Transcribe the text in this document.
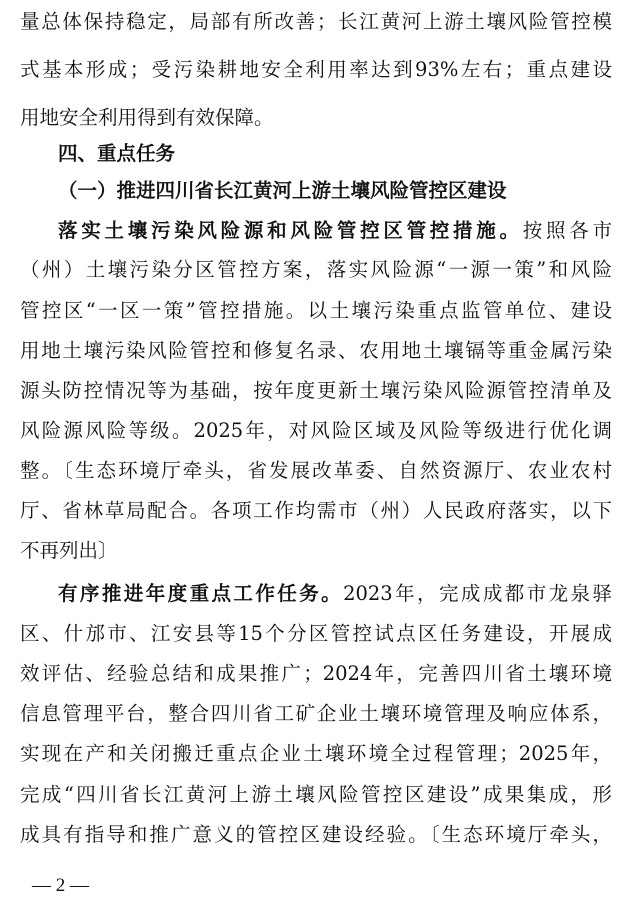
量总体保持稳定，局部有所改善；长江黄河上游土壤风险管控模
式基本形成；受污染耕地安全利用率达到93%左右；重点建设
用地安全利用得到有效保障。
四、重点任务
（一）推进四川省长江黄河上游土壤风险管控区建设
落实土壤污染风险源和风险管控区管控措施。按照各市
（州）土壤污染分区管控方案，落实风险源“一源一策”和风险
管控区“一区一策”管控措施。以土壤污染重点监管单位、建设
用地土壤污染风险管控和修复名录、农用地土壤镉等重金属污染
源头防控情况等为基础，按年度更新土壤污染风险源管控清单及
风险源风险等级。2025年，对风险区域及风险等级进行优化调
整。〔生态环境厅牵头，省发展改革委、自然资源厅、农业农村
厅、省林草局配合。各项工作均需市（州）人民政府落实，以下
不再列出〕
有序推进年度重点工作任务。2023年，完成成都市龙泉驿
区、什邡市、江安县等15个分区管控试点区任务建设，开展成
效评估、经验总结和成果推广；2024年，完善四川省土壤环境
信息管理平台，整合四川省工矿企业土壤环境管理及响应体系，
实现在产和关闭搬迁重点企业土壤环境全过程管理；2025年，
完成“四川省长江黄河上游土壤风险管控区建设”成果集成，形
成具有指导和推广意义的管控区建设经验。〔生态环境厅牵头，
— 2 —
